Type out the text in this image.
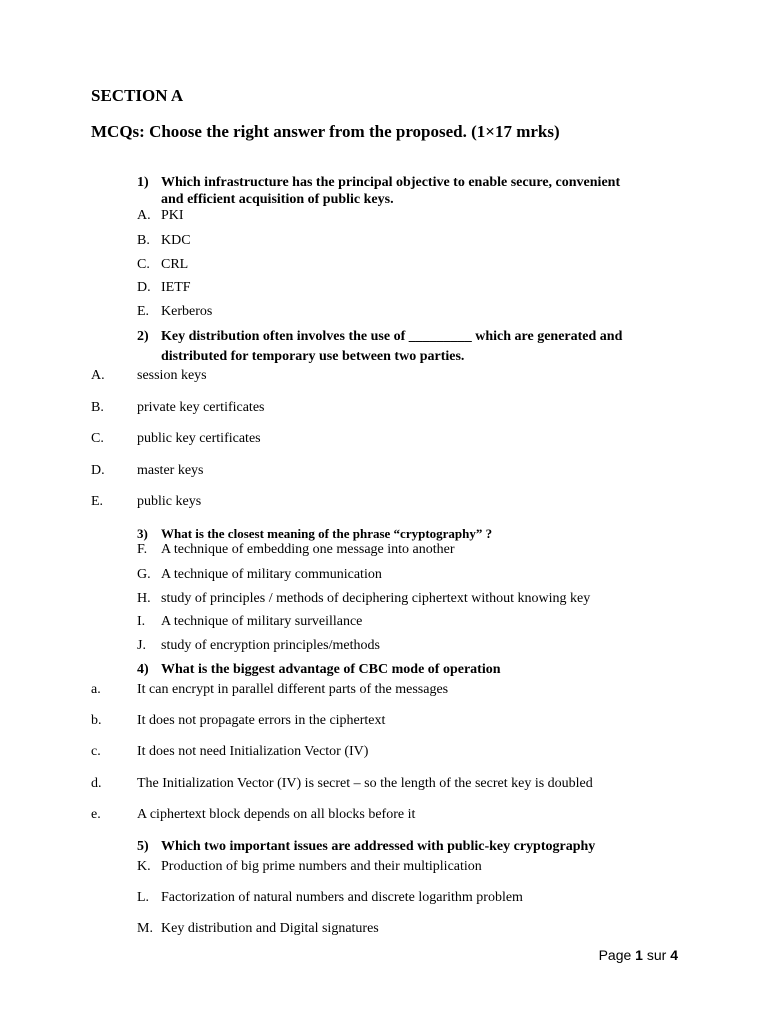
SECTION A
MCQs: Choose the right answer from the proposed. (1×17 mrks)
1) Which infrastructure has the principal objective to enable secure, convenient
and efficient acquisition of public keys.
A. PKI
B. KDC
C. CRL
D. IETF
E. Kerberos
2) Key distribution often involves the use of _________ which are generated and
distributed for temporary use between two parties.
A. session keys
B. private key certificates
C. public key certificates
D. master keys
E. public keys
3) What is the closest meaning of the phrase “cryptography” ?
F. A technique of embedding one message into another
G. A technique of military communication
H. study of principles / methods of deciphering ciphertext without knowing key
I. A technique of military surveillance
J. study of encryption principles/methods
4) What is the biggest advantage of CBC mode of operation
a.	It can encrypt in parallel different parts of the messages
b.	It does not propagate errors in the ciphertext
c.	It does not need Initialization Vector (IV)
d.	The Initialization Vector (IV) is secret – so the length of the secret key is doubled
e.	A ciphertext block depends on all blocks before it
5) Which two important issues are addressed with public-key cryptography
K. Production of big prime numbers and their multiplication
L. Factorization of natural numbers and discrete logarithm problem
M. Key distribution and Digital signatures
Page 1 sur 4
